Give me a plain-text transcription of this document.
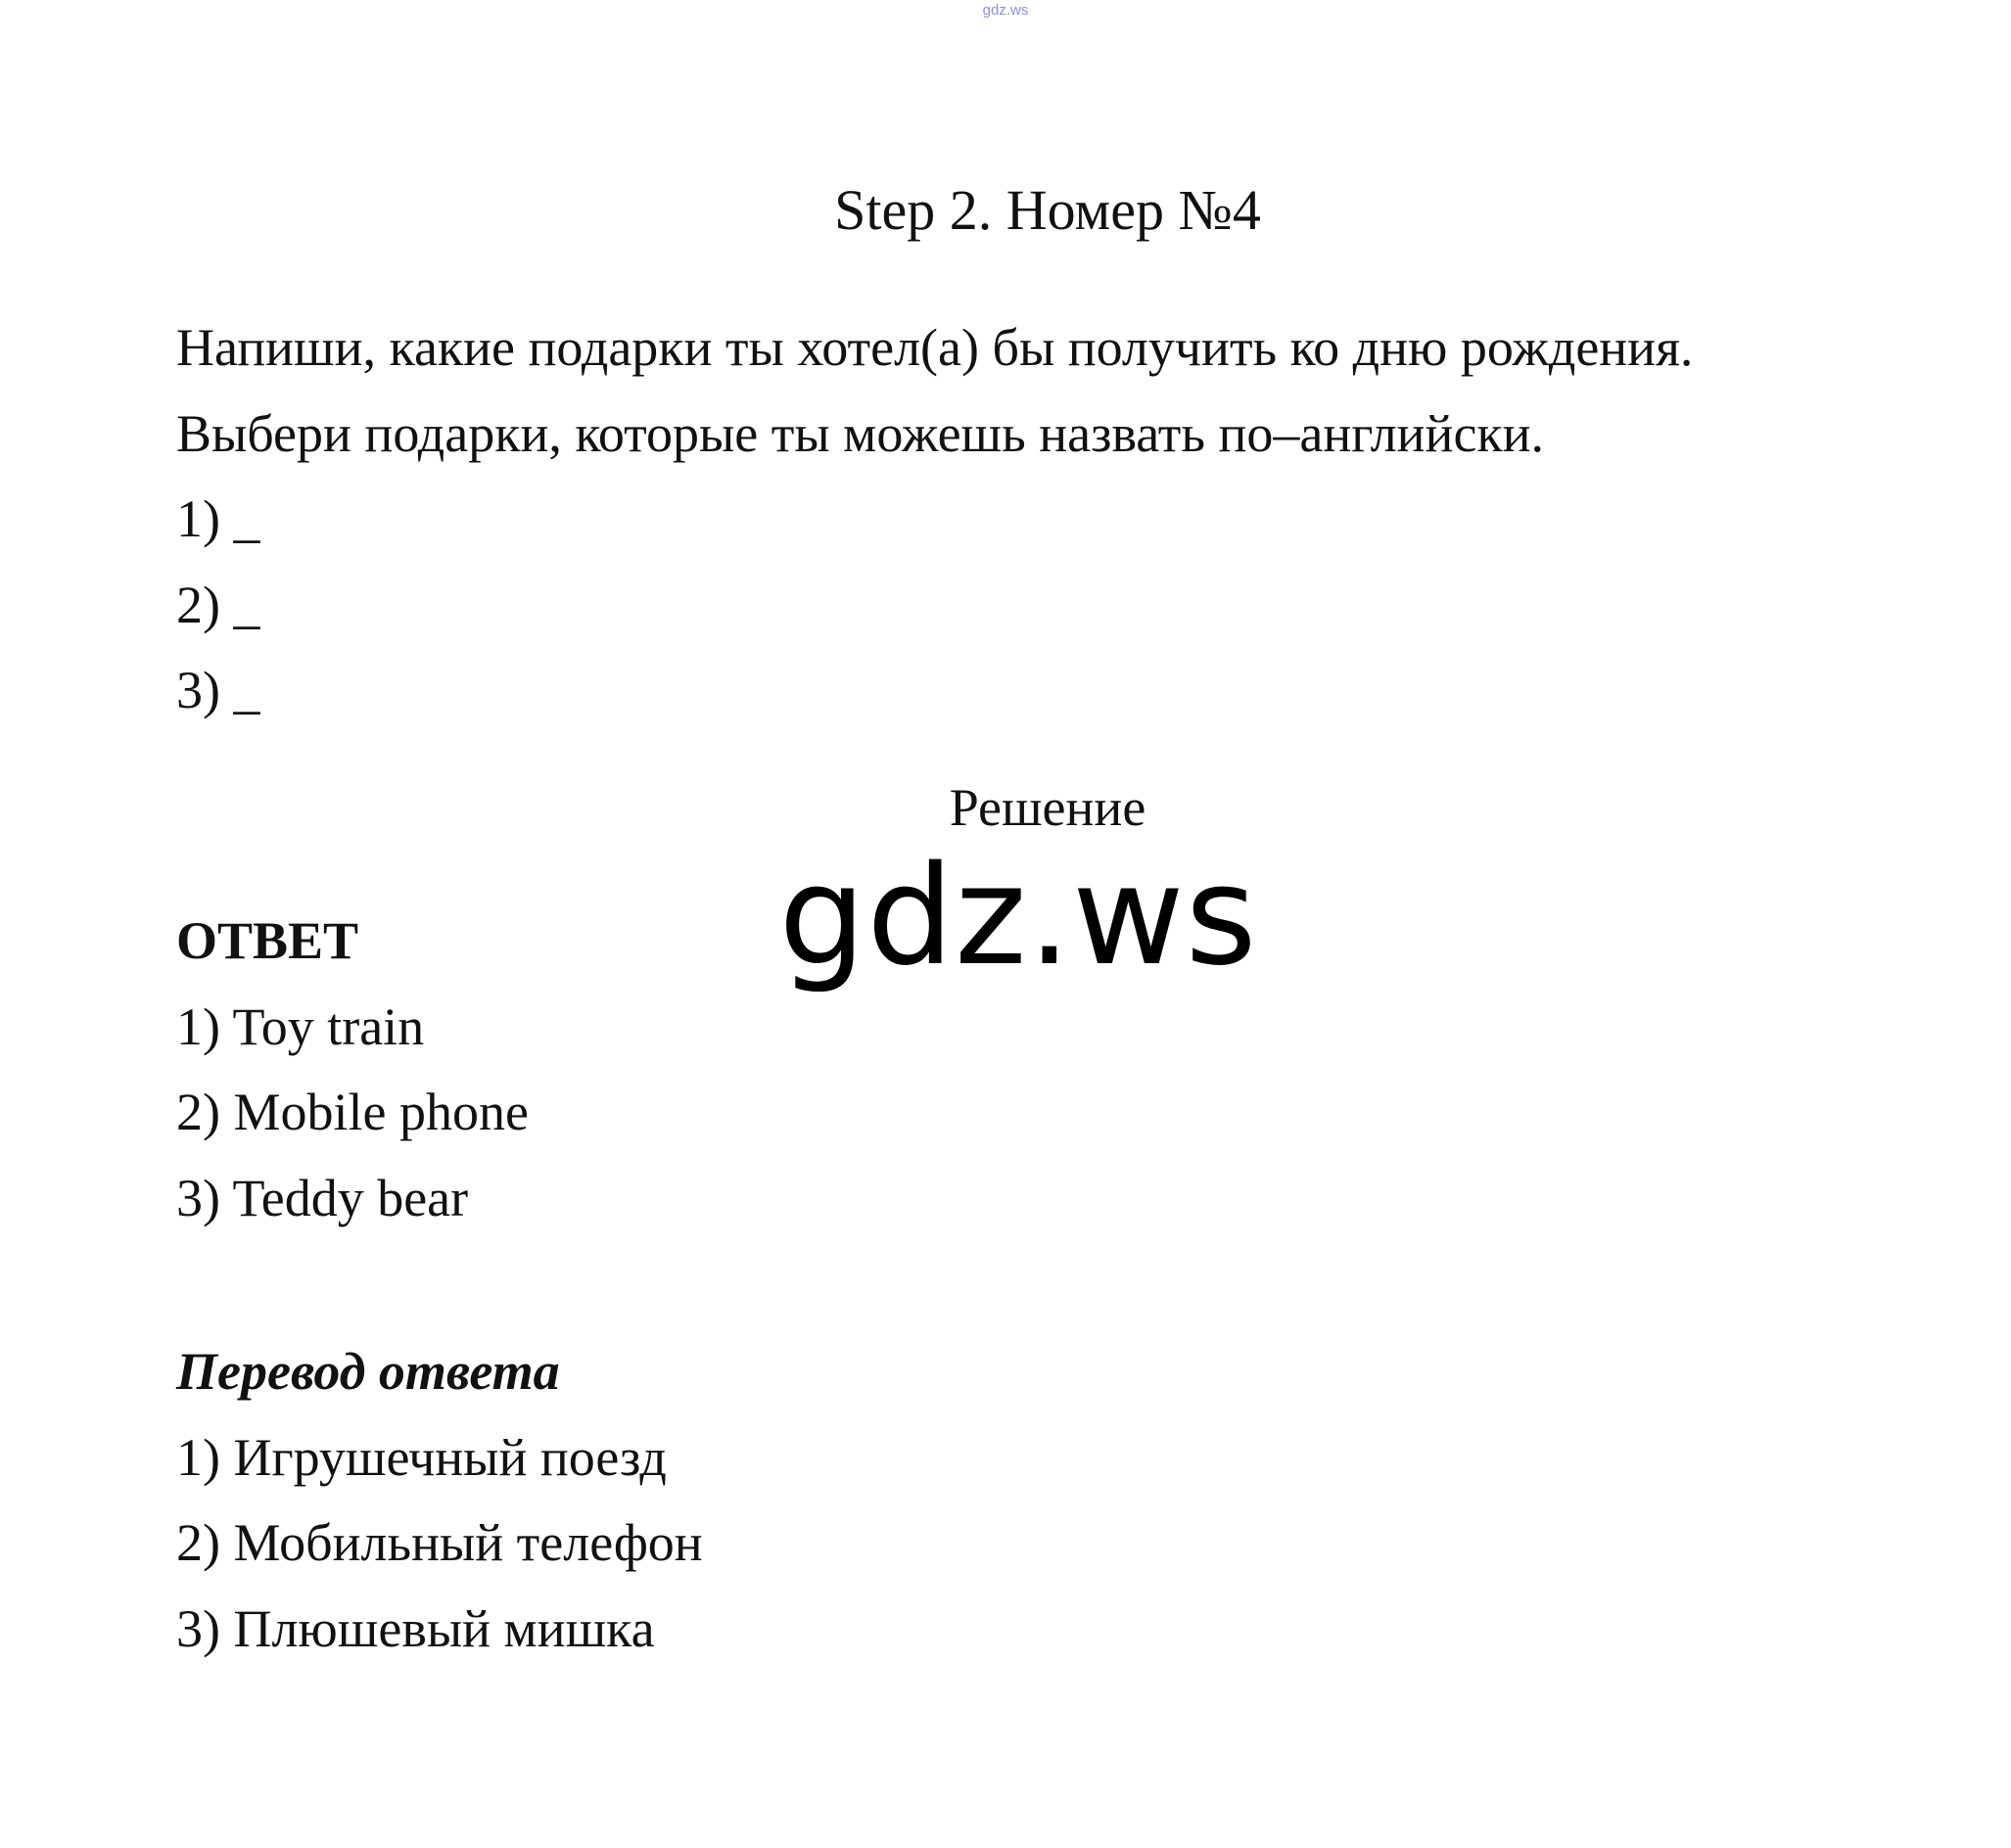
gdz.ws
Step 2. Номер №4
Напиши, какие подарки ты хотел(а) бы получить ко дню рождения.
Выбери подарки, которые ты можешь назвать по–английски.
1) _
2) _
3) _
Решение
gdz.ws
ОТВЕТ
1) Toy train
2) Mobile phone
3) Teddy bear
Перевод ответа
1) Игрушечный поезд
2) Мобильный телефон
3) Плюшевый мишка
